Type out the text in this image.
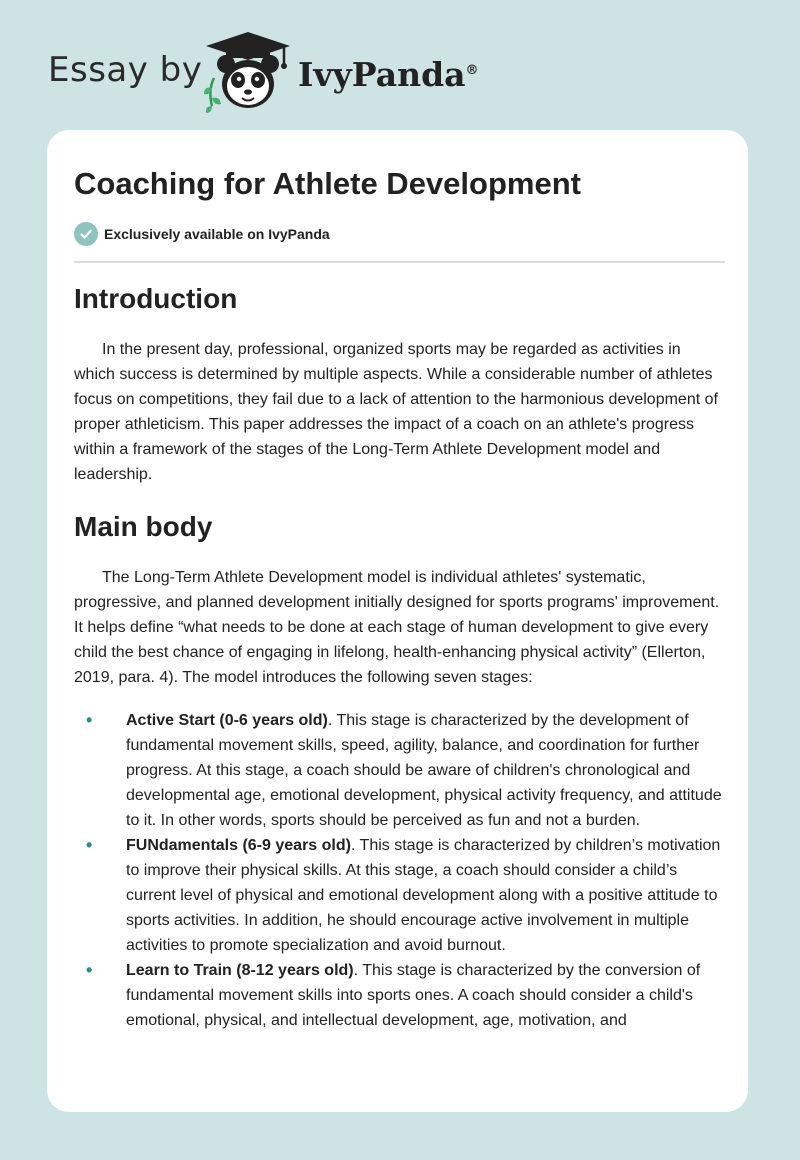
Essay by	IvyPanda®
Coaching for Athlete Development
Exclusively available on IvyPanda
Introduction

In the present day, professional, organized sports may be regarded as activities in which success is determined by multiple aspects. While a considerable number of athletes focus on competitions, they fail due to a lack of attention to the harmonious development of proper athleticism. This paper addresses the impact of a coach on an athlete's progress within a framework of the stages of the Long-Term Athlete Development model and leadership.

Main body

The Long-Term Athlete Development model is individual athletes' systematic, progressive, and planned development initially designed for sports programs' improvement. It helps define “what needs to be done at each stage of human development to give every child the best chance of engaging in lifelong, health-enhancing physical activity” (Ellerton, 2019, para. 4). The model introduces the following seven stages:

• Active Start (0-6 years old). This stage is characterized by the development of fundamental movement skills, speed, agility, balance, and coordination for further progress. At this stage, a coach should be aware of children's chronological and developmental age, emotional development, physical activity frequency, and attitude to it. In other words, sports should be perceived as fun and not a burden.
• FUNdamentals (6-9 years old). This stage is characterized by children’s motivation to improve their physical skills. At this stage, a coach should consider a child’s current level of physical and emotional development along with a positive attitude to sports activities. In addition, he should encourage active involvement in multiple activities to promote specialization and avoid burnout.
• Learn to Train (8-12 years old). This stage is characterized by the conversion of fundamental movement skills into sports ones. A coach should consider a child's emotional, physical, and intellectual development, age, motivation, and
